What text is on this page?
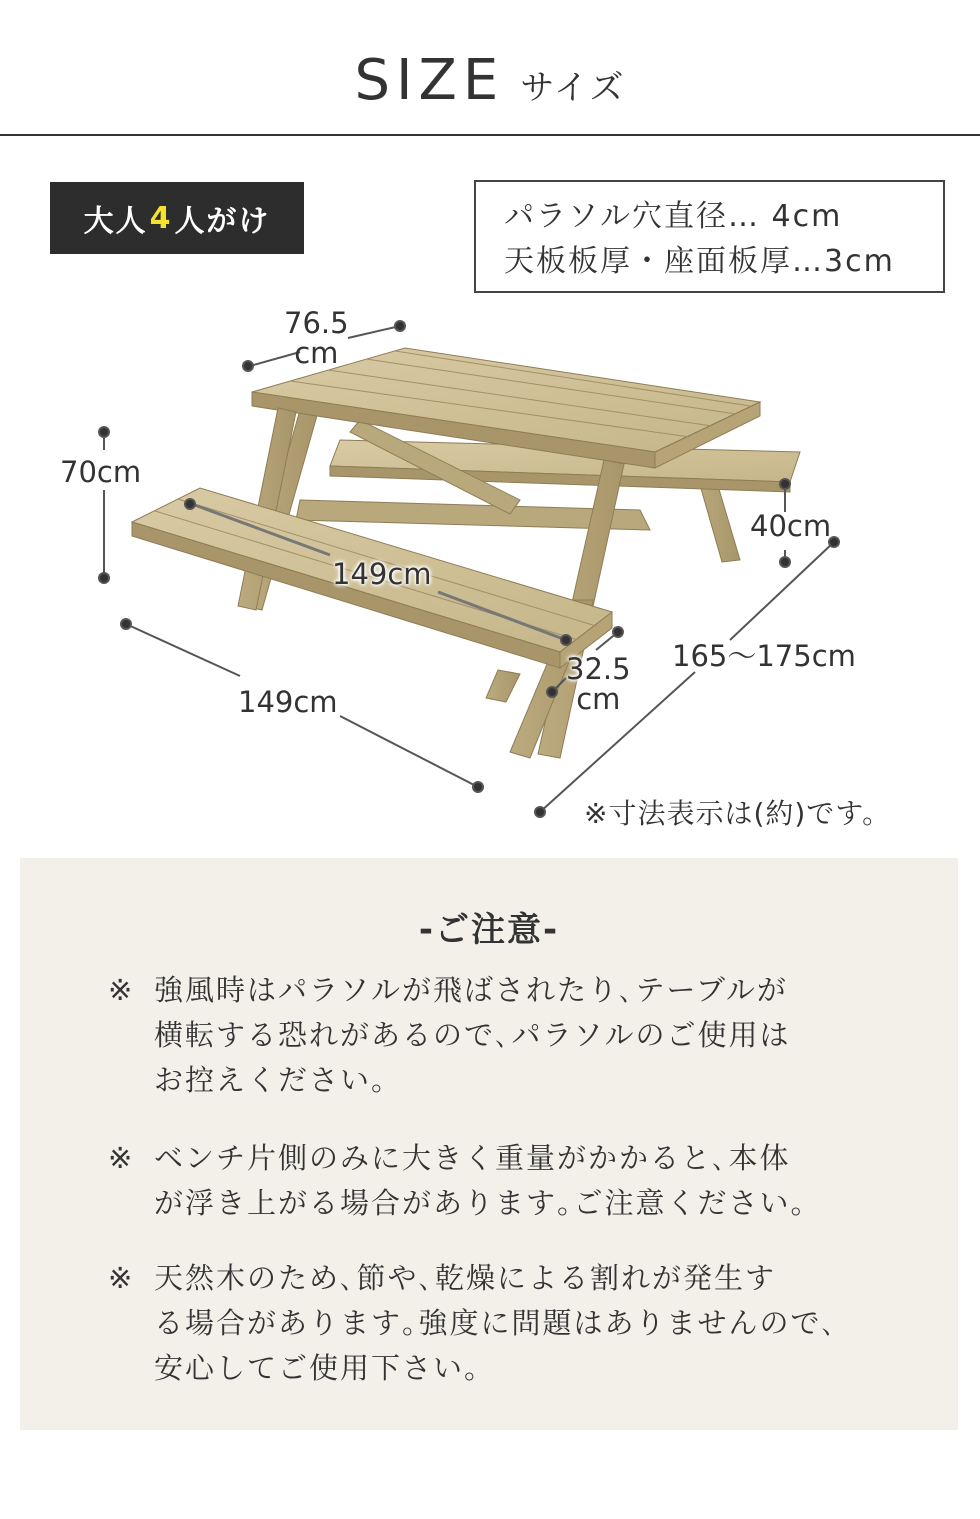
SIZE サイズ
大人 4 人がけ	パラソル穴直径… 4cm
天板板厚・座面板厚…3cm
76.5
cm
70cm
149cm
149cm
40cm
32.5
cm
165〜175cm
※寸法表示は(約)です。
-ご注意-
※ 強風時はパラソルが飛ばされたり､テーブルが
横転する恐れがあるので､パラソルのご使用は
お控えください。
※ ベンチ片側のみに大きく重量がかかると､本体
が浮き上がる場合があります｡ご注意ください。
※ 天然木のため､節や､乾燥による割れが発生す
る場合があります｡強度に問題はありませんので､
安心してご使用下さい。
